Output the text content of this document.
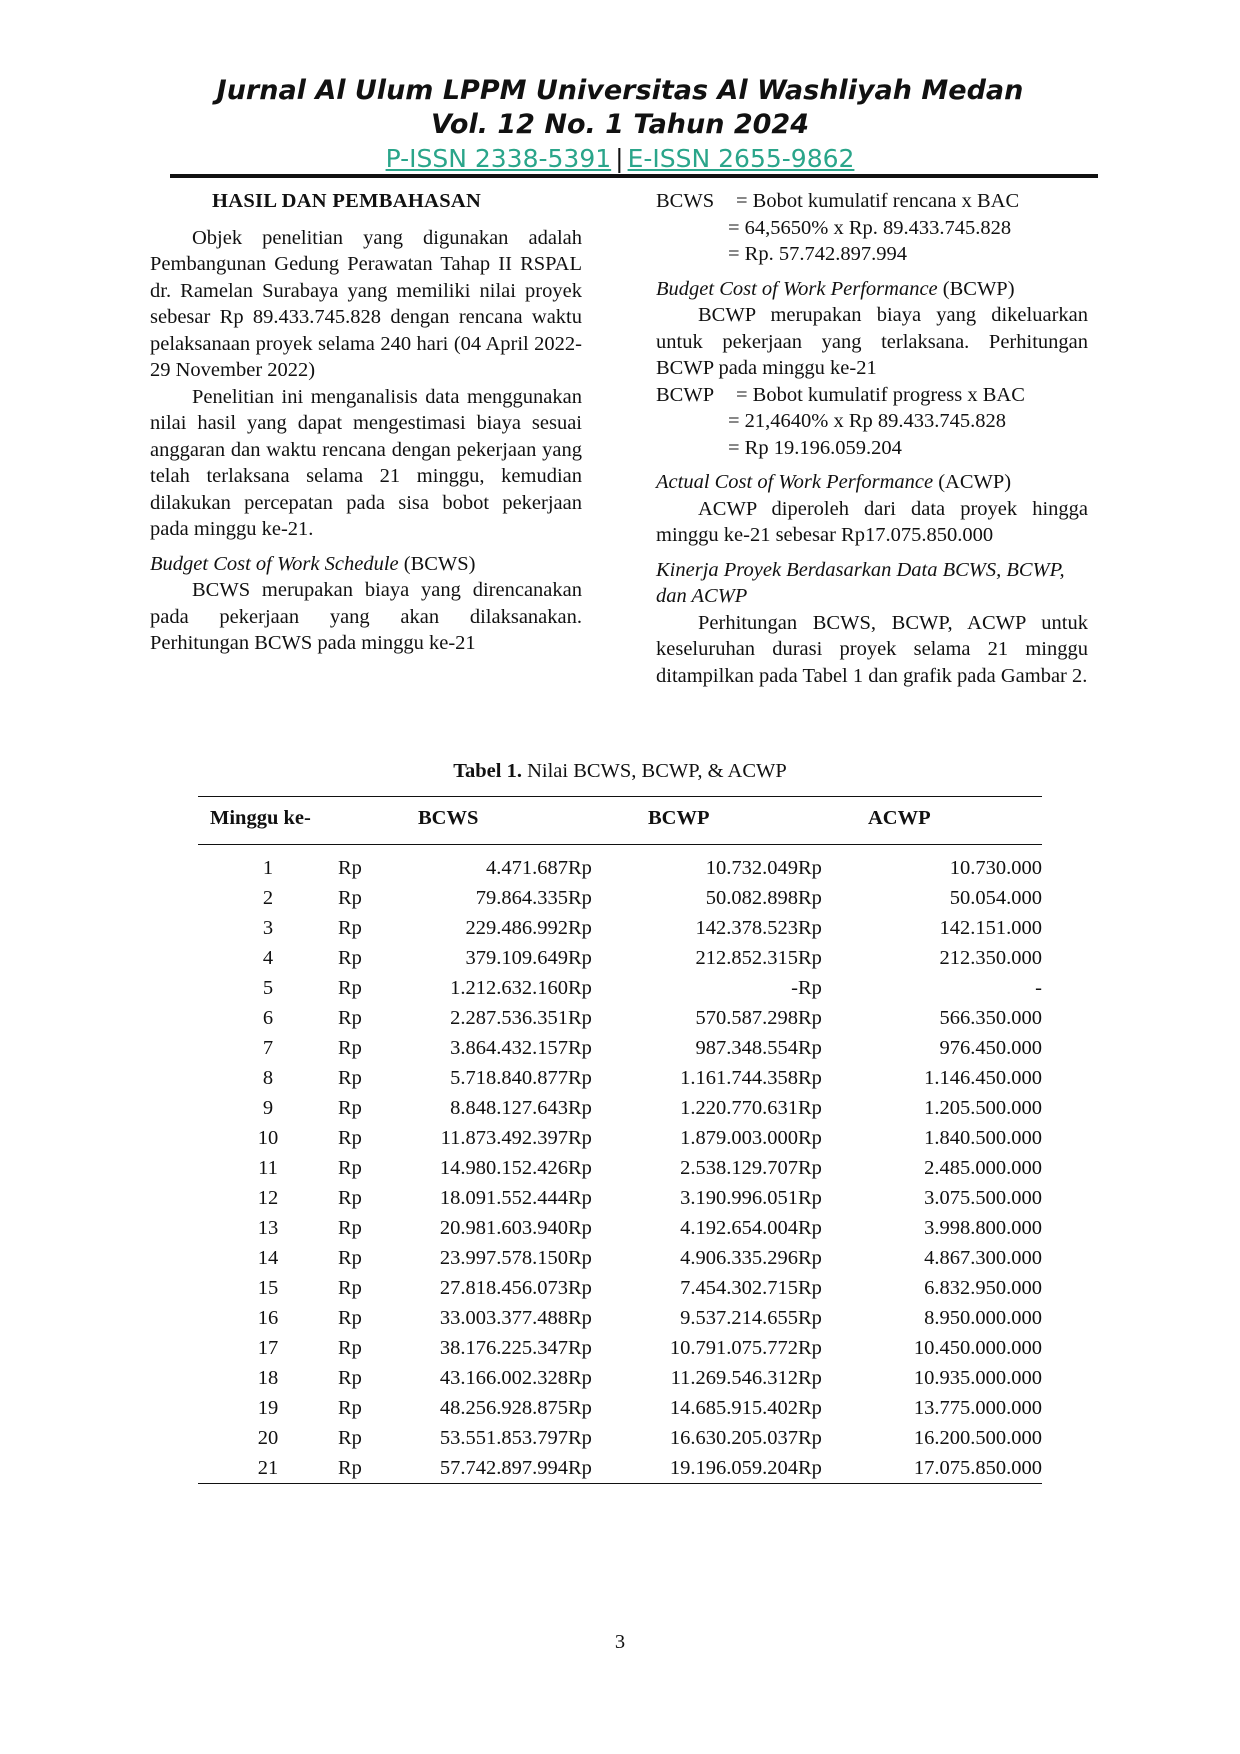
Jurnal Al Ulum LPPM Universitas Al Washliyah Medan
Vol. 12 No. 1 Tahun 2024
P-ISSN 2338-5391 | E-ISSN 2655-9862
HASIL DAN PEMBAHASAN

Objek penelitian yang digunakan adalah Pembangunan Gedung Perawatan Tahap II RSPAL dr. Ramelan Surabaya yang memiliki nilai proyek sebesar Rp 89.433.745.828 dengan rencana waktu pelaksanaan proyek selama 240 hari (04 April 2022-29 November 2022)

Penelitian ini menganalisis data menggunakan nilai hasil yang dapat mengestimasi biaya sesuai anggaran dan waktu rencana dengan pekerjaan yang telah terlaksana selama 21 minggu, kemudian dilakukan percepatan pada sisa bobot pekerjaan pada minggu ke-21.

Budget Cost of Work Schedule (BCWS)

BCWS merupakan biaya yang direncanakan pada pekerjaan yang akan dilaksanakan. Perhitungan BCWS pada minggu ke-21

BCWS	= Bobot kumulatif rencana x BAC
= 64,5650% x Rp. 89.433.745.828
= Rp. 57.742.897.994
Budget Cost of Work Performance (BCWP)

BCWP merupakan biaya yang dikeluarkan untuk pekerjaan yang terlaksana. Perhitungan BCWP pada minggu ke-21

BCWP	= Bobot kumulatif progress x BAC
= 21,4640% x Rp 89.433.745.828
= Rp 19.196.059.204
Actual Cost of Work Performance (ACWP)

ACWP diperoleh dari data proyek hingga minggu ke-21 sebesar Rp17.075.850.000

Kinerja Proyek Berdasarkan Data BCWS, BCWP, dan ACWP

Perhitungan BCWS, BCWP, ACWP untuk keseluruhan durasi proyek selama 21 minggu ditampilkan pada Tabel 1 dan grafik pada Gambar 2.

Tabel 1. Nilai BCWS, BCWP, & ACWP
Minggu ke-	BCWS		BCWP		ACWP	
1	Rp	4.471.687	Rp	10.732.049	Rp	10.730.000
2	Rp	79.864.335	Rp	50.082.898	Rp	50.054.000
3	Rp	229.486.992	Rp	142.378.523	Rp	142.151.000
4	Rp	379.109.649	Rp	212.852.315	Rp	212.350.000
5	Rp	1.212.632.160	Rp	-	Rp	-
6	Rp	2.287.536.351	Rp	570.587.298	Rp	566.350.000
7	Rp	3.864.432.157	Rp	987.348.554	Rp	976.450.000
8	Rp	5.718.840.877	Rp	1.161.744.358	Rp	1.146.450.000
9	Rp	8.848.127.643	Rp	1.220.770.631	Rp	1.205.500.000
10	Rp	11.873.492.397	Rp	1.879.003.000	Rp	1.840.500.000
11	Rp	14.980.152.426	Rp	2.538.129.707	Rp	2.485.000.000
12	Rp	18.091.552.444	Rp	3.190.996.051	Rp	3.075.500.000
13	Rp	20.981.603.940	Rp	4.192.654.004	Rp	3.998.800.000
14	Rp	23.997.578.150	Rp	4.906.335.296	Rp	4.867.300.000
15	Rp	27.818.456.073	Rp	7.454.302.715	Rp	6.832.950.000
16	Rp	33.003.377.488	Rp	9.537.214.655	Rp	8.950.000.000
17	Rp	38.176.225.347	Rp	10.791.075.772	Rp	10.450.000.000
18	Rp	43.166.002.328	Rp	11.269.546.312	Rp	10.935.000.000
19	Rp	48.256.928.875	Rp	14.685.915.402	Rp	13.775.000.000
20	Rp	53.551.853.797	Rp	16.630.205.037	Rp	16.200.500.000
21	Rp	57.742.897.994	Rp	19.196.059.204	Rp	17.075.850.000
3
